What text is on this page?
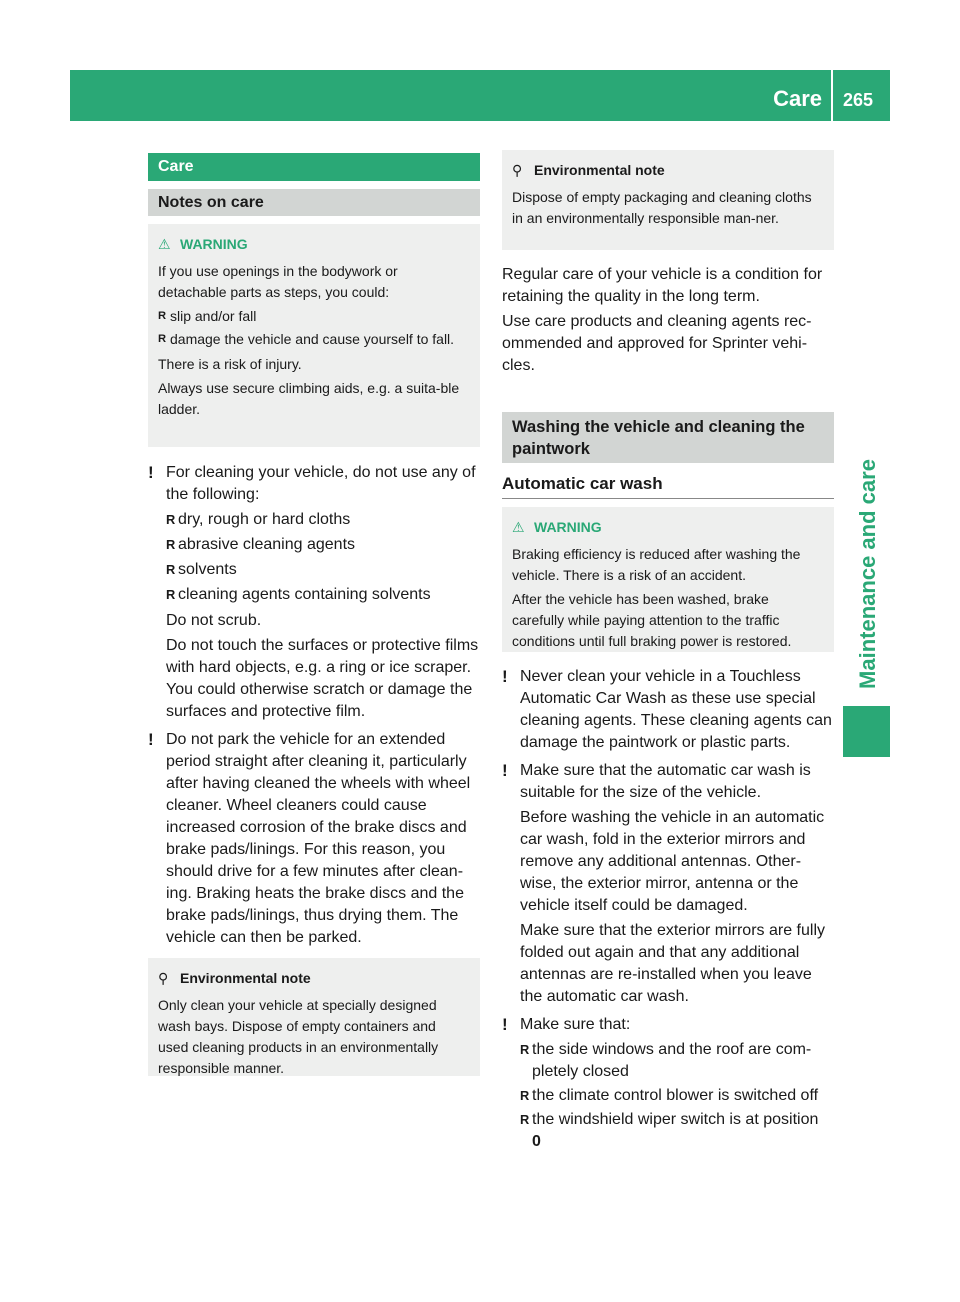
Care 265
Maintenance and care
Care
Notes on care

⚠ WARNING

If you use openings in the bodywork or detachable parts as steps, you could:

R slip and/or fall
R damage the vehicle and cause yourself to fall.

There is a risk of injury.

Always use secure climbing aids, e.g. a suita-ble ladder.

! For cleaning your vehicle, do not use any of the following:

R dry, rough or hard cloths
R abrasive cleaning agents
R solvents
R cleaning agents containing solvents

Do not scrub.

Do not touch the surfaces or protective films with hard objects, e.g. a ring or ice scraper. You could otherwise scratch or damage the surfaces and protective film.

! Do not park the vehicle for an extended period straight after cleaning it, particularly after having cleaned the wheels with wheel cleaner. Wheel cleaners could cause increased corrosion of the brake discs and brake pads/linings. For this reason, you should drive for a few minutes after clean-ing. Braking heats the brake discs and the brake pads/linings, thus drying them. The vehicle can then be parked.

⚲ Environmental note

Only clean your vehicle at specially designed wash bays. Dispose of empty containers and used cleaning products in an environmentally responsible manner.

⚲ Environmental note

Dispose of empty packaging and cleaning cloths in an environmentally responsible man-ner.

Regular care of your vehicle is a condition for retaining the quality in the long term.

Use care products and cleaning agents rec-ommended and approved for Sprinter vehi-cles.

Washing the vehicle and cleaning the paintwork
Automatic car wash

⚠ WARNING

Braking efficiency is reduced after washing the vehicle. There is a risk of an accident.

After the vehicle has been washed, brake carefully while paying attention to the traffic conditions until full braking power is restored.

! Never clean your vehicle in a Touchless Automatic Car Wash as these use special cleaning agents. These cleaning agents can damage the paintwork or plastic parts.

! Make sure that the automatic car wash is suitable for the size of the vehicle.

Before washing the vehicle in an automatic car wash, fold in the exterior mirrors and remove any additional antennas. Other-wise, the exterior mirror, antenna or the vehicle itself could be damaged.

Make sure that the exterior mirrors are fully folded out again and that any additional antennas are re-installed when you leave the automatic car wash.

! Make sure that:

R the side windows and the roof are com-pletely closed
R the climate control blower is switched off
R the windshield wiper switch is at position
0
